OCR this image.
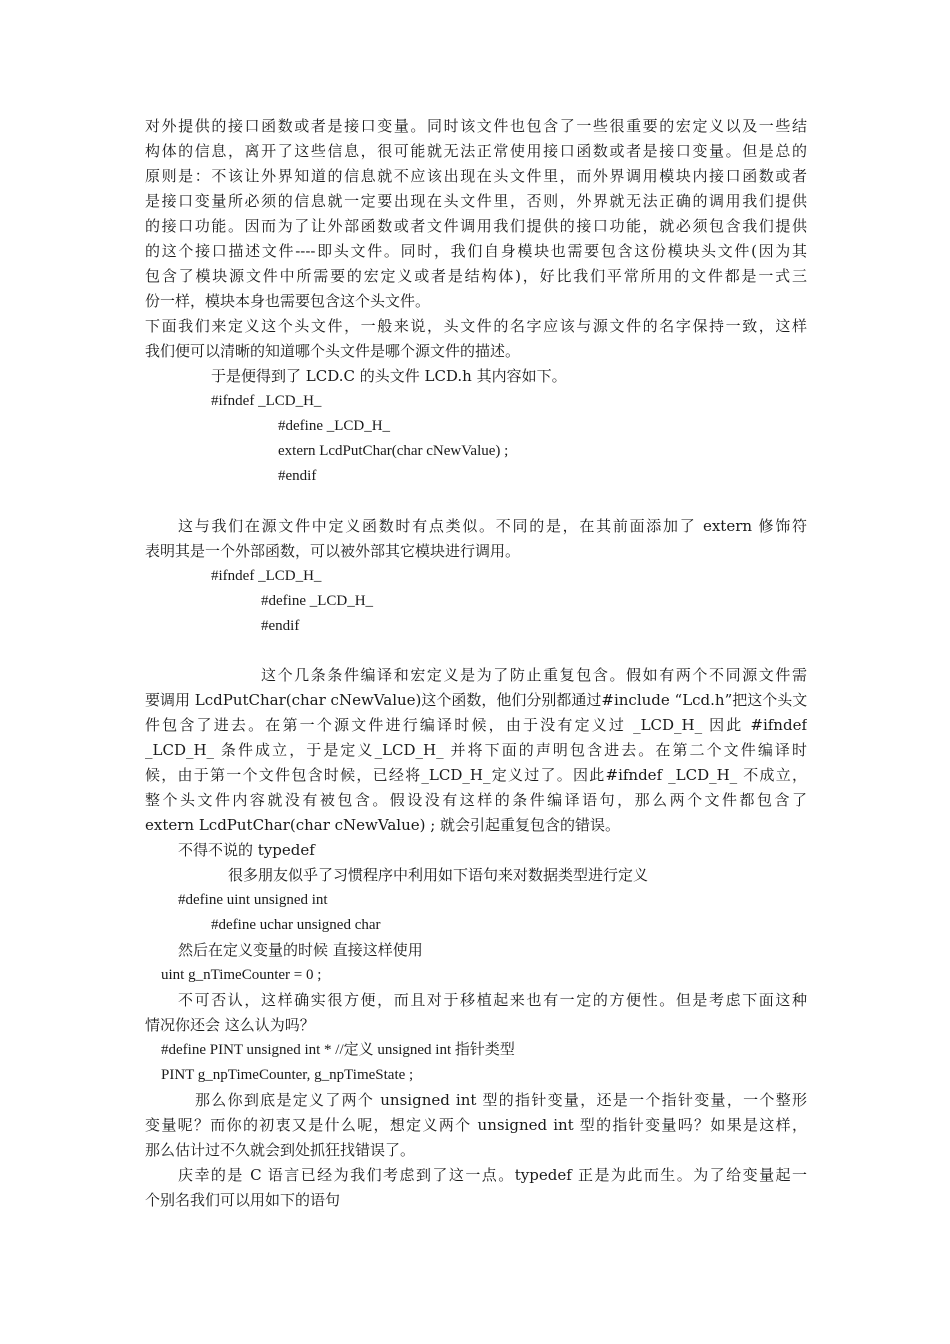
对外提供的接口函数或者是接口变量。同时该文件也包含了一些很重要的宏定义以及一些结
构体的信息，离开了这些信息，很可能就无法正常使用接口函数或者是接口变量。但是总的
原则是：不该让外界知道的信息就不应该出现在头文件里，而外界调用模块内接口函数或者
是接口变量所必须的信息就一定要出现在头文件里，否则，外界就无法正确的调用我们提供
的接口功能。因而为了让外部函数或者文件调用我们提供的接口功能，就必须包含我们提供
的这个接口描述文件----即头文件。同时，我们自身模块也需要包含这份模块头文件(因为其
包含了模块源文件中所需要的宏定义或者是结构体)，好比我们平常所用的文件都是一式三
份一样，模块本身也需要包含这个头文件。
下面我们来定义这个头文件，一般来说，头文件的名字应该与源文件的名字保持一致，这样
我们便可以清晰的知道哪个头文件是哪个源文件的描述。
于是便得到了 LCD.C 的头文件 LCD.h 其内容如下。
#ifndef _LCD_H_
#define _LCD_H_
extern LcdPutChar(char cNewValue) ;
#endif
这与我们在源文件中定义函数时有点类似。不同的是，在其前面添加了 extern 修饰符
表明其是一个外部函数，可以被外部其它模块进行调用。
#ifndef _LCD_H_
#define _LCD_H_
#endif
这个几条条件编译和宏定义是为了防止重复包含。假如有两个不同源文件需
要调用 LcdPutChar(char cNewValue)这个函数，他们分别都通过#include “Lcd.h”把这个头文
件包含了进去。在第一个源文件进行编译时候，由于没有定义过 _LCD_H_ 因此 #ifndef
_LCD_H_ 条件成立，于是定义_LCD_H_ 并将下面的声明包含进去。在第二个文件编译时
候，由于第一个文件包含时候，已经将_LCD_H_定义过了。因此#ifndef _LCD_H_ 不成立，
整个头文件内容就没有被包含。假设没有这样的条件编译语句，那么两个文件都包含了
extern LcdPutChar(char cNewValue) ; 就会引起重复包含的错误。
不得不说的 typedef
很多朋友似乎了习惯程序中利用如下语句来对数据类型进行定义
#define uint unsigned int
#define uchar unsigned char
然后在定义变量的时候 直接这样使用
uint g_nTimeCounter = 0 ;
不可否认，这样确实很方便，而且对于移植起来也有一定的方便性。但是考虑下面这种
情况你还会 这么认为吗？
#define PINT unsigned int * //定义 unsigned int 指针类型
PINT g_npTimeCounter, g_npTimeState ;
那么你到底是定义了两个 unsigned int 型的指针变量，还是一个指针变量，一个整形
变量呢？而你的初衷又是什么呢，想定义两个 unsigned int 型的指针变量吗？如果是这样，
那么估计过不久就会到处抓狂找错误了。
庆幸的是 C 语言已经为我们考虑到了这一点。typedef 正是为此而生。为了给变量起一
个别名我们可以用如下的语句
